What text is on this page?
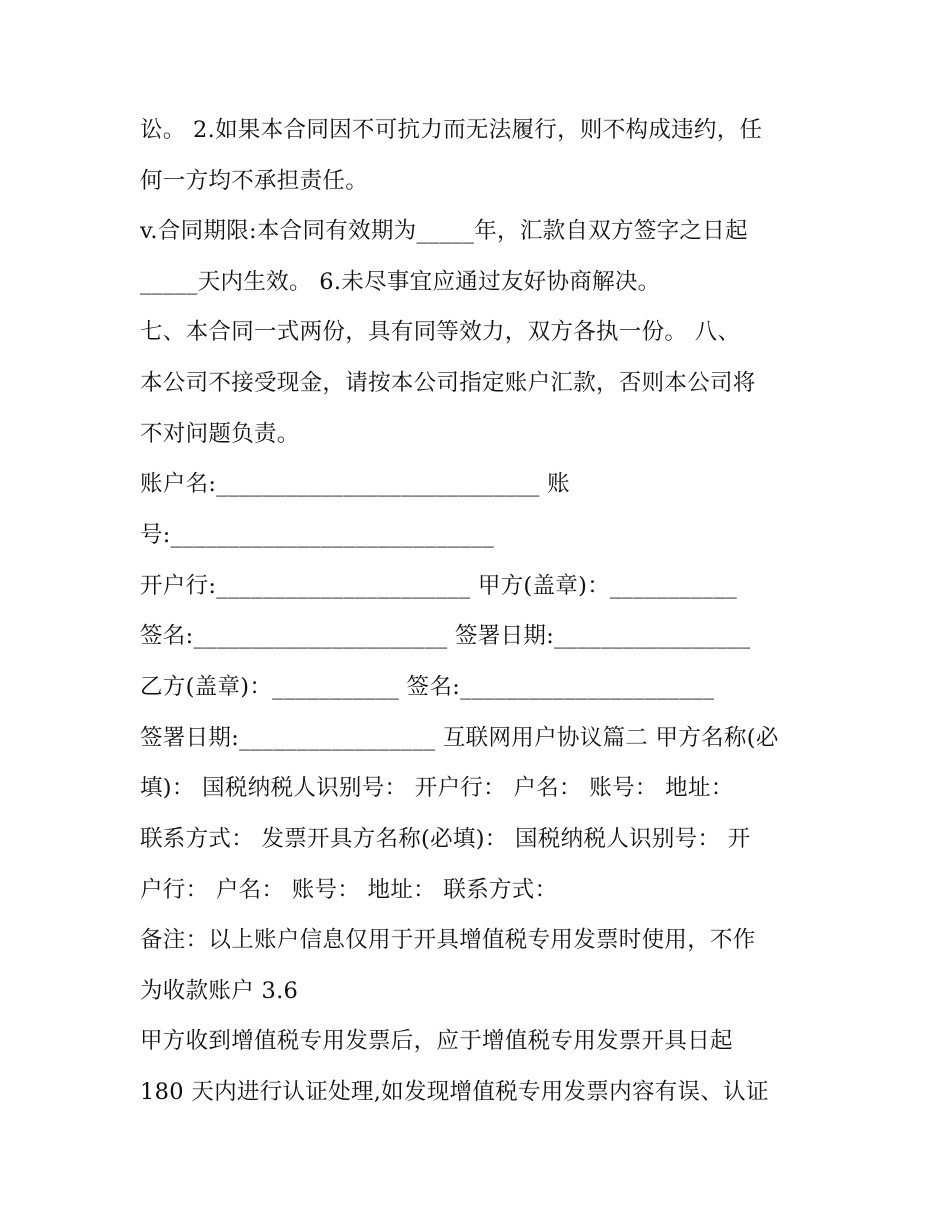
讼。 2.如果本合同因不可抗力而无法履行，则不构成违约，任
何一方均不承担责任。
v.合同期限:本合同有效期为_____年，汇款自双方签字之日起
_____天内生效。 6.未尽事宜应通过友好协商解决。
七、本合同一式两份，具有同等效力，双方各执一份。 八、
本公司不接受现金，请按本公司指定账户汇款，否则本公司将
不对问题负责。
账户名:____________________________ 账
号:____________________________
开户行:______________________ 甲方(盖章)：___________
签名:______________________ 签署日期:_________________
乙方(盖章)：___________ 签名:______________________
签署日期:_________________ 互联网用户协议篇二 甲方名称(必
填)： 国税纳税人识别号： 开户行： 户名： 账号： 地址：
联系方式： 发票开具方名称(必填)： 国税纳税人识别号： 开
户行： 户名： 账号： 地址： 联系方式：
备注：以上账户信息仅用于开具增值税专用发票时使用，不作
为收款账户 3.6
甲方收到增值税专用发票后，应于增值税专用发票开具日起
180 天内进行认证处理,如发现增值税专用发票内容有误、认证
